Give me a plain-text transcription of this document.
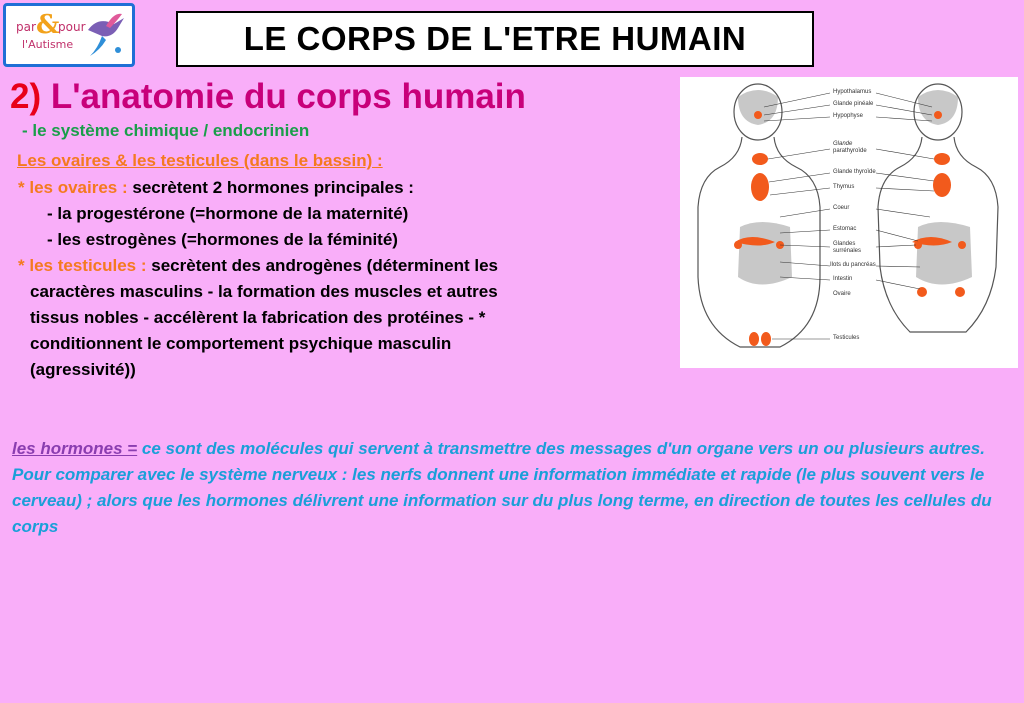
par &
pour
l'Autisme	LE CORPS DE L'ETRE HUMAIN
2) L'anatomie du corps humain
- le système chimique / endocrinien
Les ovaires & les testicules (dans le bassin) :
* les ovaires : secrètent 2 hormones principales :
- la progestérone (=hormone de la maternité)
- les estrogènes (=hormones de la féminité)
* les testicules : secrètent des androgènes (déterminent les
caractères masculins - la formation des muscles et autres
tissus nobles - accélèrent la fabrication des protéines - *
conditionnent le comportement psychique masculin
(agressivité))
Hypothalamus
Glande pinéale
Hypophyse
Glande
parathyroïde
Glande thyroïde
Thymus
Coeur
Estomac
Glandes
surrénales
Ilots du pancréas
Intestin
Ovaire
Testicules
les hormones = ce sont des molécules qui servent à transmettre des messages d'un organe vers un ou plusieurs autres.
Pour comparer avec le système nerveux : les nerfs donnent une information immédiate et rapide (le plus souvent vers le cerveau) ; alors que les hormones délivrent une information sur du plus long terme, en direction de toutes les cellules du corps
